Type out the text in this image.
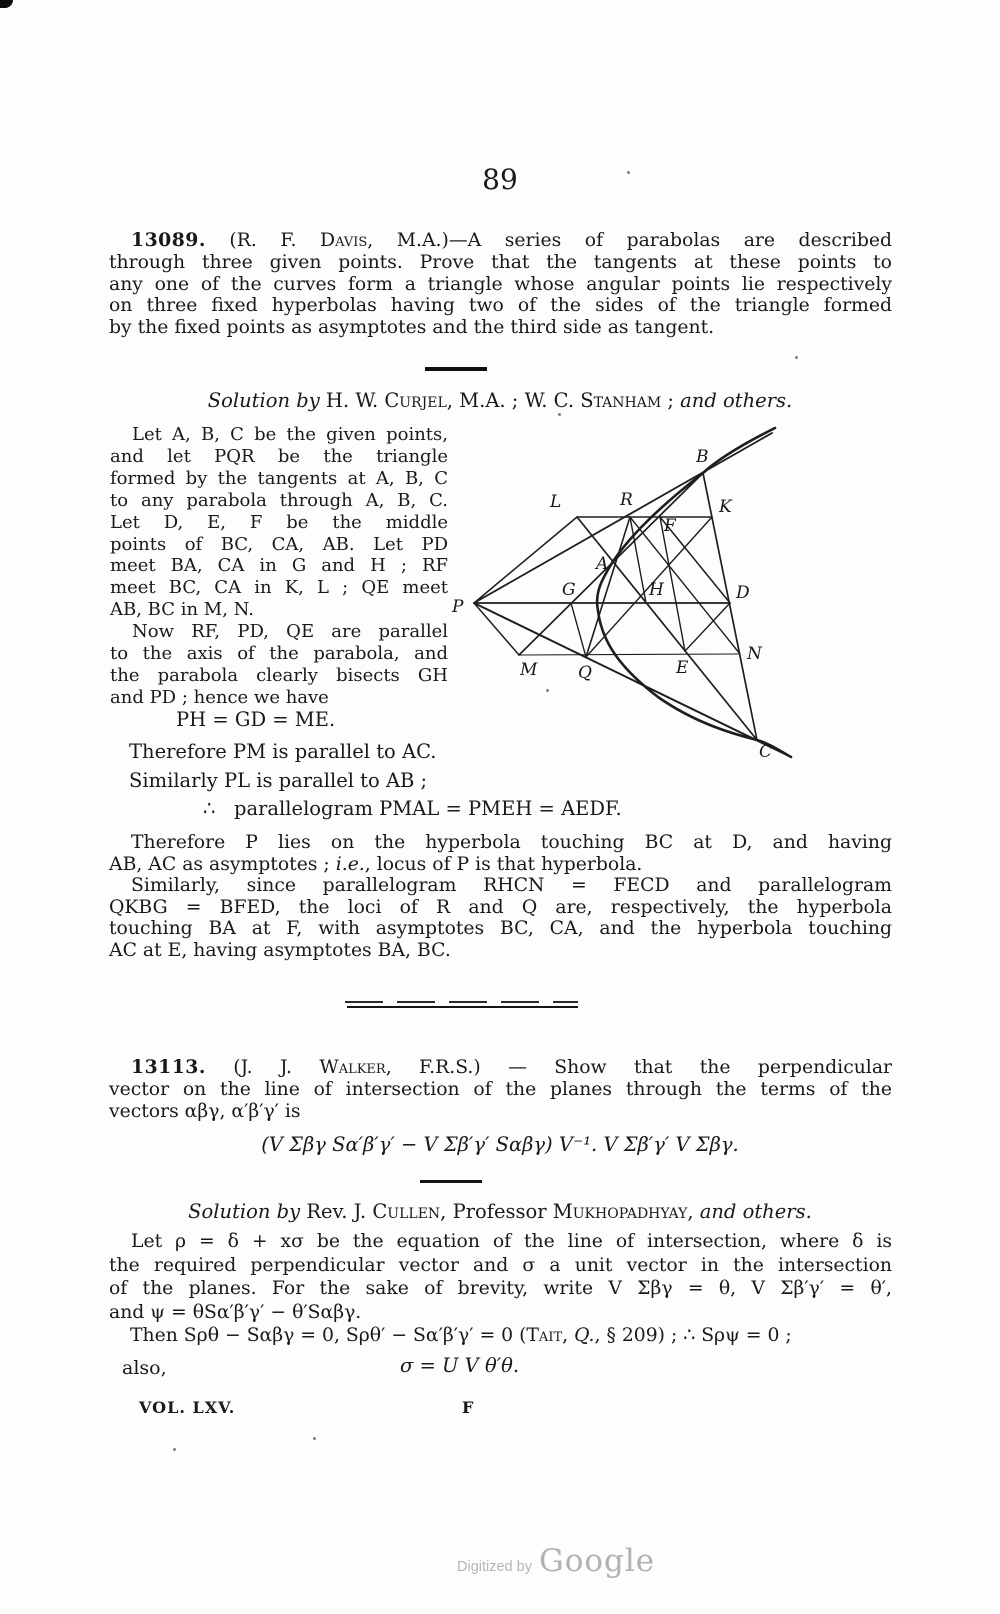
89
13089. (R. F. Davis, M.A.)—A series of parabolas are described
through three given points. Prove that the tangents at these points to
any one of the curves form a triangle whose angular points lie respectively
on three fixed hyperbolas having two of the sides of the triangle formed
by the fixed points as asymptotes and the third side as tangent.
Solution by H. W. Curjel, M.A. ; W. C. Stanham ; and others.
Let A, B, C be the given points,
and let PQR be the triangle
formed by the tangents at A, B, C
to any parabola through A, B, C.
Let D, E, F be the middle
points of BC, CA, AB. Let PD
meet BA, CA in G and H ; RF
meet BC, CA in K, L ; QE meet
AB, BC in M, N.
Now RF, PD, QE are parallel
to the axis of the parabola, and
the parabola clearly bisects GH
and PD ; hence we have
P
B
C
A
R
L
F
K
G	H	D
M Q	E
N
PH = GD = ME.
Therefore PM is parallel to AC.
Similarly PL is parallel to AB ;
∴   parallelogram PMAL = PMEH = AEDF.
Therefore P lies on the hyperbola touching BC at D, and having
AB, AC as asymptotes ; i.e., locus of P is that hyperbola.
Similarly, since parallelogram RHCN = FECD and parallelogram
QKBG = BFED, the loci of R and Q are, respectively, the hyperbola
touching BA at F, with asymptotes BC, CA, and the hyperbola touching
AC at E, having asymptotes BA, BC.
13113. (J. J. Walker, F.R.S.) — Show that the perpendicular
vector on the line of intersection of the planes through the terms of the
vectors αβγ, α′β′γ′ is
(V Σβγ Sα′β′γ′ − V Σβ′γ′ Sαβγ) V⁻¹. V Σβ′γ′ V Σβγ.
Solution by Rev. J. Cullen, Professor Mukhopadhyay, and others.
Let ρ = δ + xσ be the equation of the line of intersection, where δ is
the required perpendicular vector and σ a unit vector in the intersection
of the planes. For the sake of brevity, write V Σβγ = θ, V Σβ′γ′ = θ′,
and ψ = θSα′β′γ′ − θ′Sαβγ.
Then Sρθ − Sαβγ = 0, Sρθ′ − Sα′β′γ′ = 0 (Tait, Q., § 209) ; ∴ Sρψ = 0 ;
also,	σ = U V θ′θ.
VOL. LXV.	F
Digitized by Google
